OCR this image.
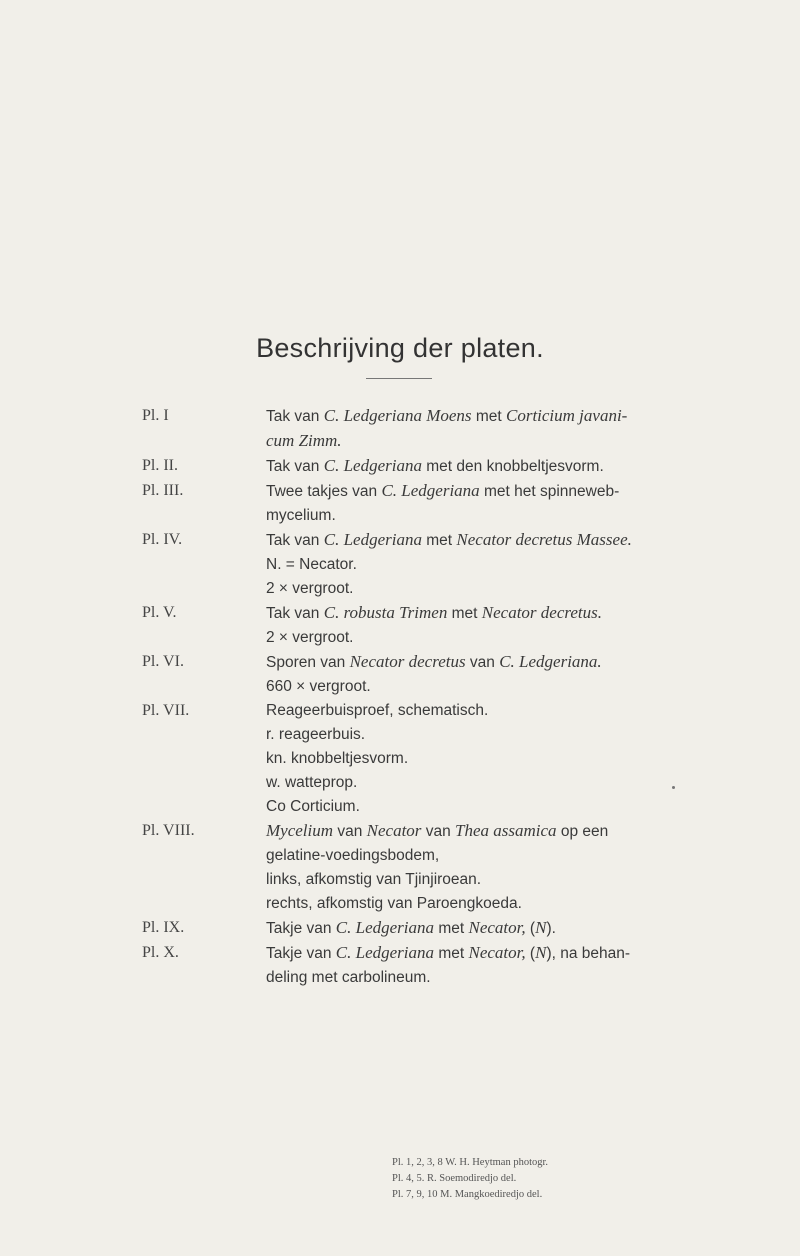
Beschrijving der platen.
Pl. I	Tak van C. Ledgeriana Moens met Corticium javani-
cum Zimm.
Pl. II.	Tak van C. Ledgeriana met den knobbeltjesvorm.
Pl. III.	Twee takjes van C. Ledgeriana met het spinneweb-
mycelium.
Pl. IV.	Tak van C. Ledgeriana met Necator decretus Massee.
N. = Necator.
2 × vergroot.
Pl. V.	Tak van C. robusta Trimen met Necator decretus.
2 × vergroot.
Pl. VI.	Sporen van Necator decretus van C. Ledgeriana.
660 × vergroot.
Pl. VII.	Reageerbuisproef, schematisch.
r. reageerbuis.
kn. knobbeltjesvorm.
w. watteprop.
Co Corticium.
Pl. VIII.	Mycelium van Necator van Thea assamica op een
gelatine-voedingsbodem,
links, afkomstig van Tjinjiroean.
rechts, afkomstig van Paroengkoeda.
Pl. IX.	Takje van C. Ledgeriana met Necator, (N).
Pl. X.	Takje van C. Ledgeriana met Necator, (N), na behan-
deling met carbolineum.
Pl. 1, 2, 3, 8 W. H. Heytman photogr.
Pl. 4, 5. R. Soemodiredjo del.
Pl. 7, 9, 10 M. Mangkoediredjo del.
